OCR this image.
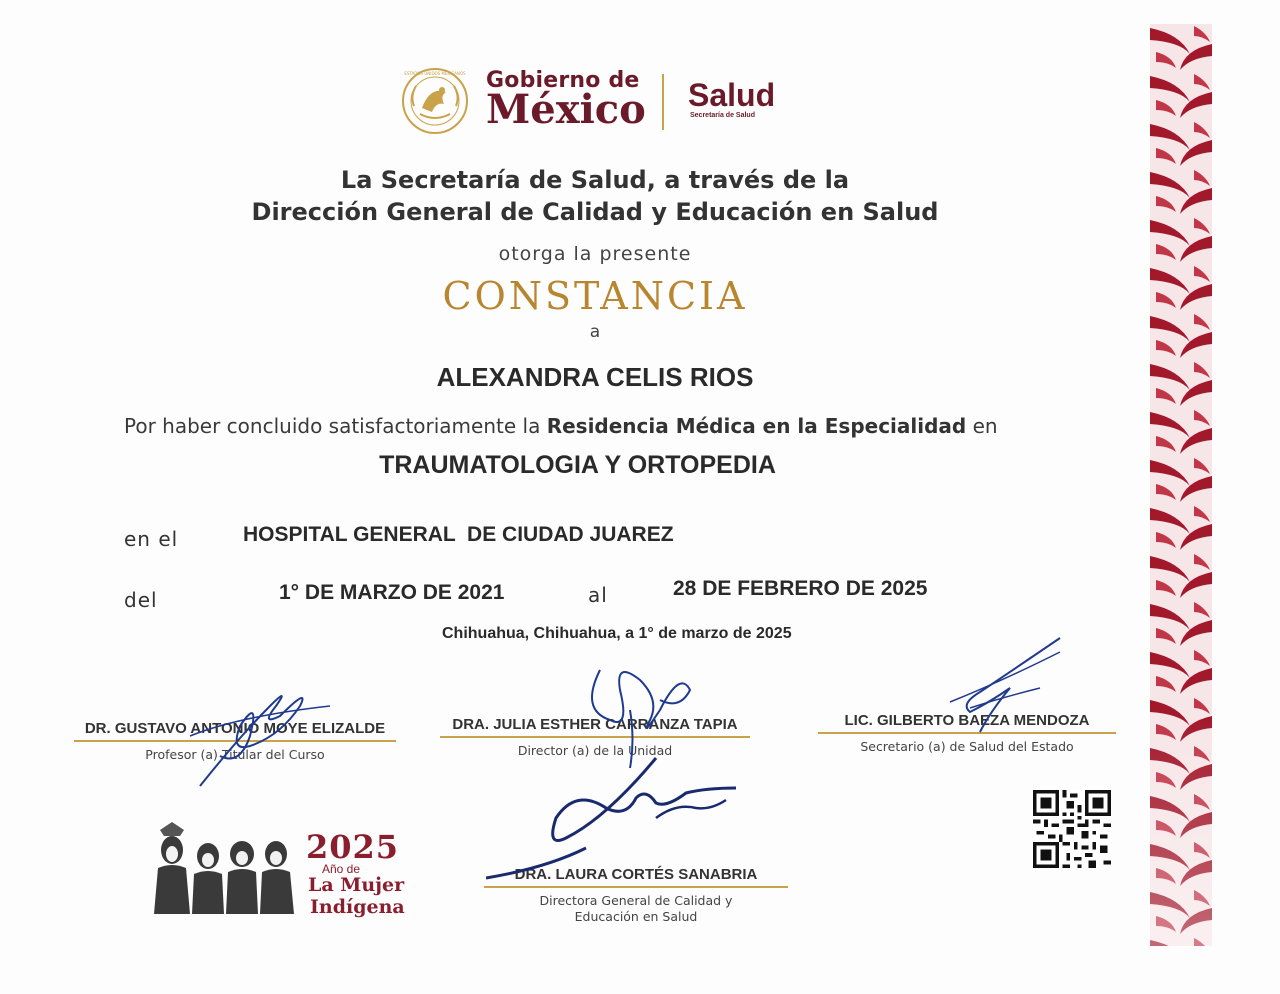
ESTADOS UNIDOS MEXICANOS Gobierno de
México Salud
Secretaría de Salud
La Secretaría de Salud, a través de la
Dirección General de Calidad y Educación en Salud
otorga la presente
CONSTANCIA
a
ALEXANDRA CELIS RIOS
Por haber concluido satisfactoriamente la Residencia Médica en la Especialidad en
TRAUMATOLOGIA Y ORTOPEDIA
en el	HOSPITAL GENERAL  DE CIUDAD JUAREZ
del	1° DE MARZO DE 2021	al	28 DE FEBRERO DE 2025
Chihuahua, Chihuahua, a 1° de marzo de 2025
DR. GUSTAVO ANTONIO MOYE ELIZALDE
Profesor (a) Titular del Curso
DRA. JULIA ESTHER CARRANZA TAPIA
Director (a) de la Unidad
LIC. GILBERTO BAEZA MENDOZA
Secretario (a) de Salud del Estado
DRA. LAURA CORTÉS SANABRIA
Directora General de Calidad y
Educación en Salud
2025
Año de
La Mujer
Indígena
